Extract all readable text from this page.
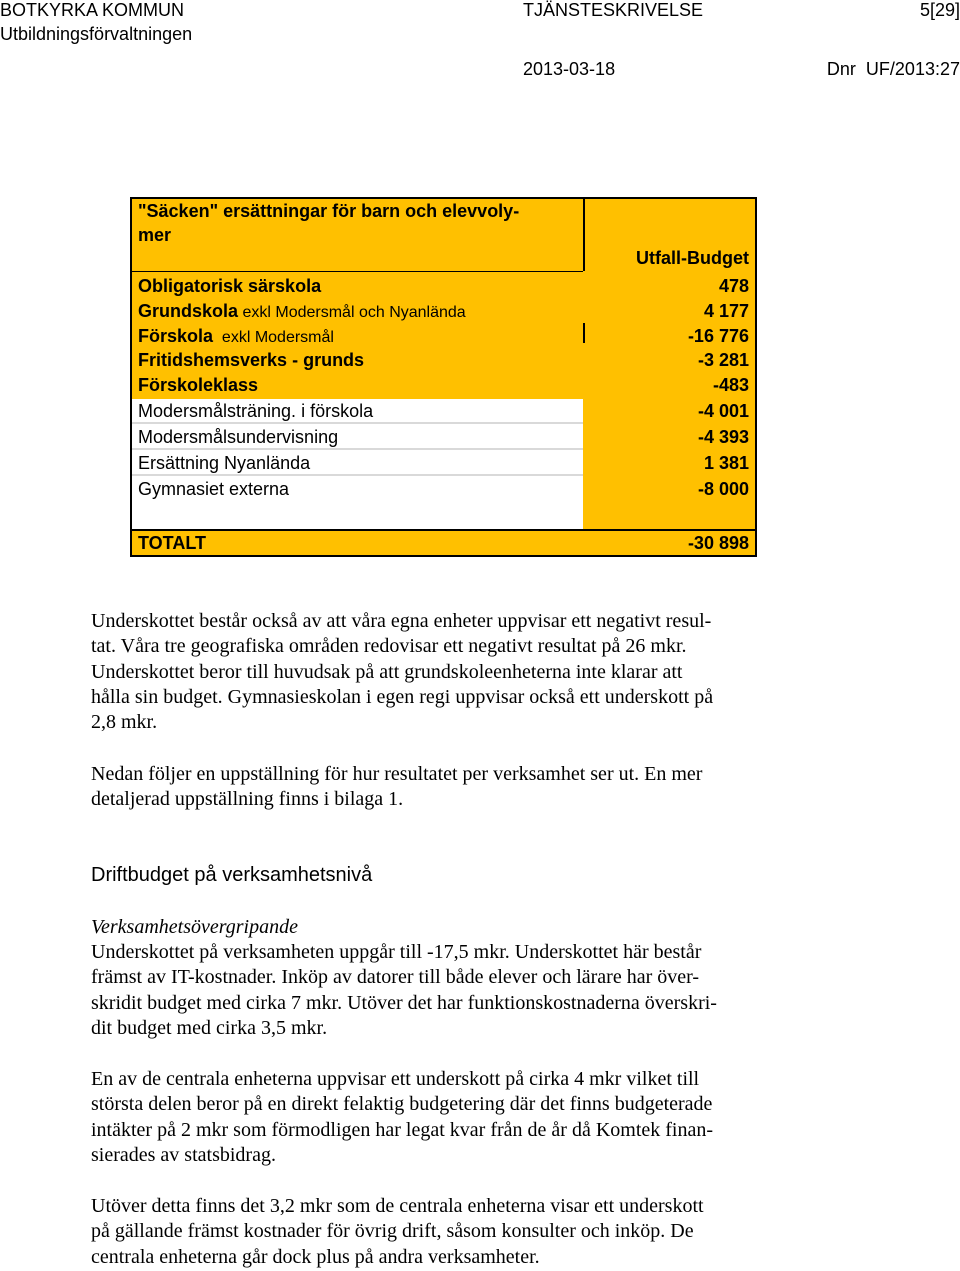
BOTKYRKA KOMMUN
Utbildningsförvaltningen
TJÄNSTESKRIVELSE	5[29]
2013-03-18	Dnr  UF/2013:27
"Säcken" ersättningar för barn och elevvoly-
mer
Utfall-Budget
Obligatorisk särskola	478
Grundskola exkl Modersmål och Nyanlända	4 177
Förskola  exkl Modersmål	-16 776
Fritidshemsverks - grunds	-3 281
Förskoleklass	-483
Modersmålsträning. i förskola	-4 001
Modersmålsundervisning	-4 393
Ersättning Nyanlända	1 381
Gymnasiet externa	-8 000
TOTALT	-30 898
Underskottet består också av att våra egna enheter uppvisar ett negativt resul-
tat. Våra tre geografiska områden redovisar ett negativt resultat på 26 mkr.
Underskottet beror till huvudsak på att grundskoleenheterna inte klarar att
hålla sin budget. Gymnasieskolan i egen regi uppvisar också ett underskott på
2,8 mkr.
Nedan följer en uppställning för hur resultatet per verksamhet ser ut. En mer
detaljerad uppställning finns i bilaga 1.
Driftbudget på verksamhetsnivå
Verksamhetsövergripande
Underskottet på verksamheten uppgår till -17,5 mkr. Underskottet här består
främst av IT-kostnader. Inköp av datorer till både elever och lärare har över-
skridit budget med cirka 7 mkr. Utöver det har funktionskostnaderna överskri-
dit budget med cirka 3,5 mkr.
En av de centrala enheterna uppvisar ett underskott på cirka 4 mkr vilket till
största delen beror på en direkt felaktig budgetering där det finns budgeterade
intäkter på 2 mkr som förmodligen har legat kvar från de år då Komtek finan-
sierades av statsbidrag.
Utöver detta finns det 3,2 mkr som de centrala enheterna visar ett underskott
på gällande främst kostnader för övrig drift, såsom konsulter och inköp. De
centrala enheterna går dock plus på andra verksamheter.
